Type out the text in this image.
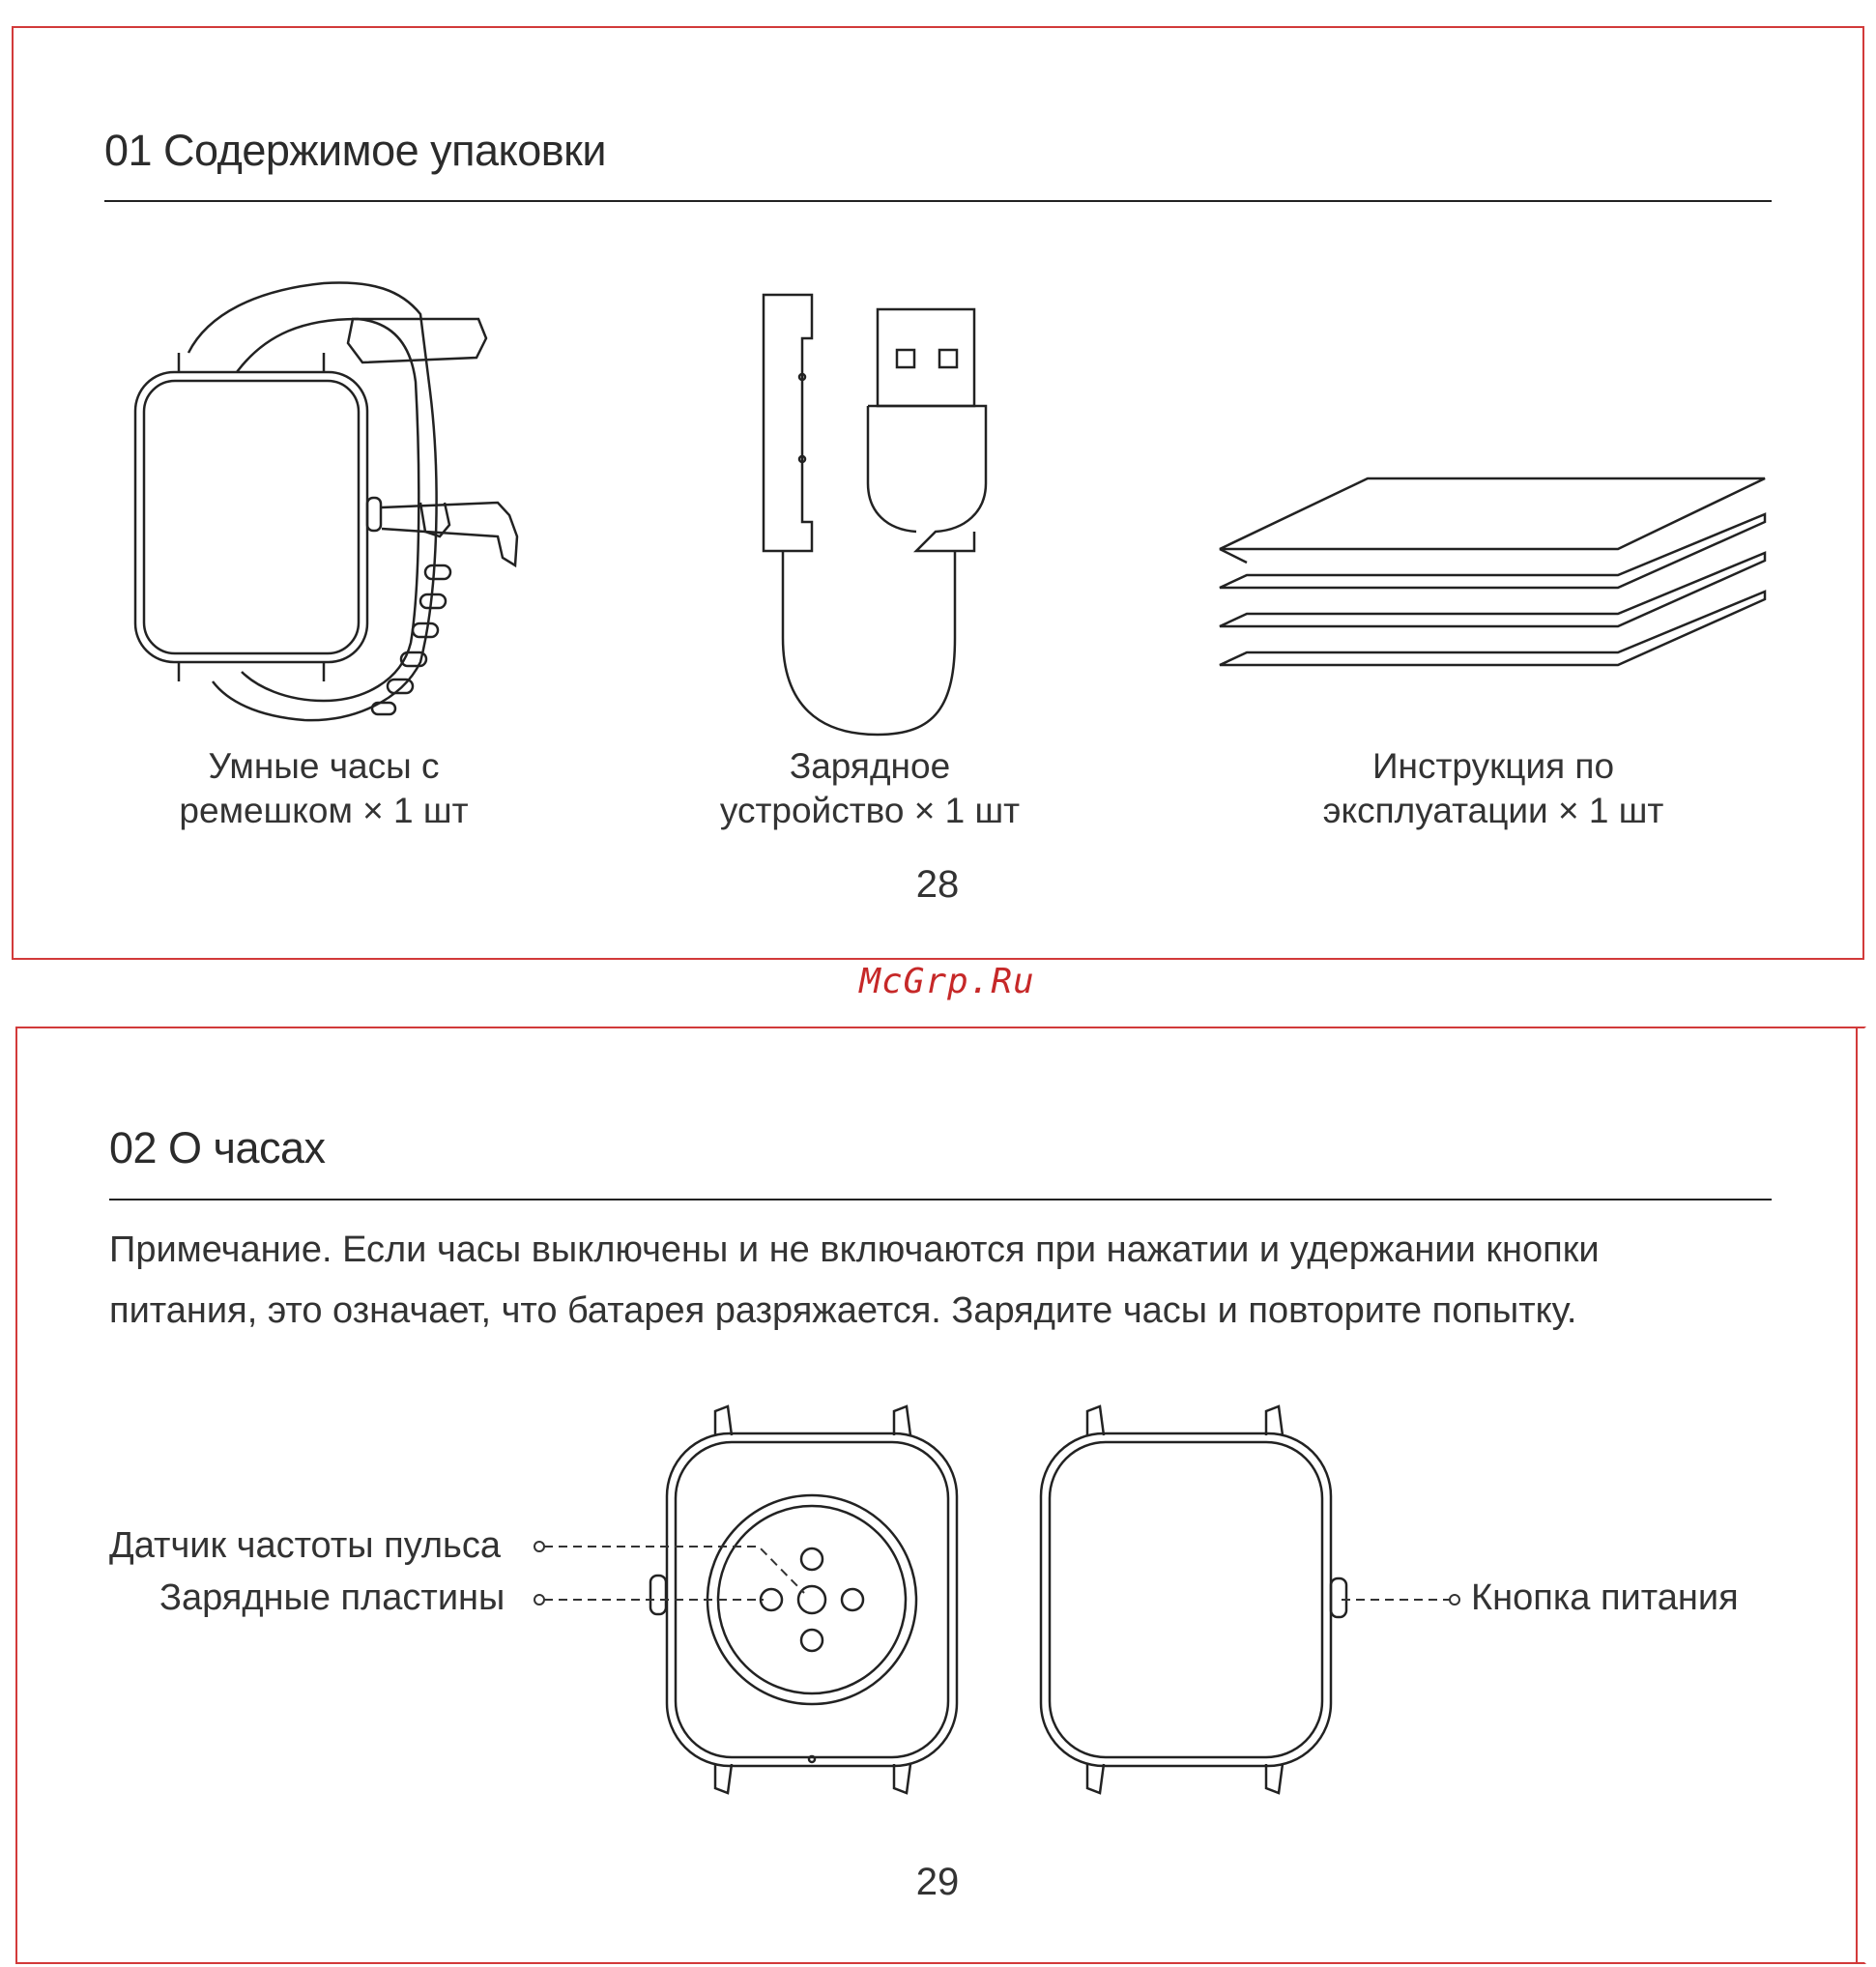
01 Содержимое упаковки
Умные часы с
ремешком × 1 шт
Зарядное
устройство × 1 шт
Инструкция по
эксплуатации × 1 шт
28
McGrp.Ru
02 О часах
Примечание. Если часы выключены и не включаются при нажатии и удержании кнопки
питания, это означает, что батарея разряжается. Зарядите часы и повторите попытку.
Датчик частоты пульса
Зарядные пластины	Кнопка питания
29
